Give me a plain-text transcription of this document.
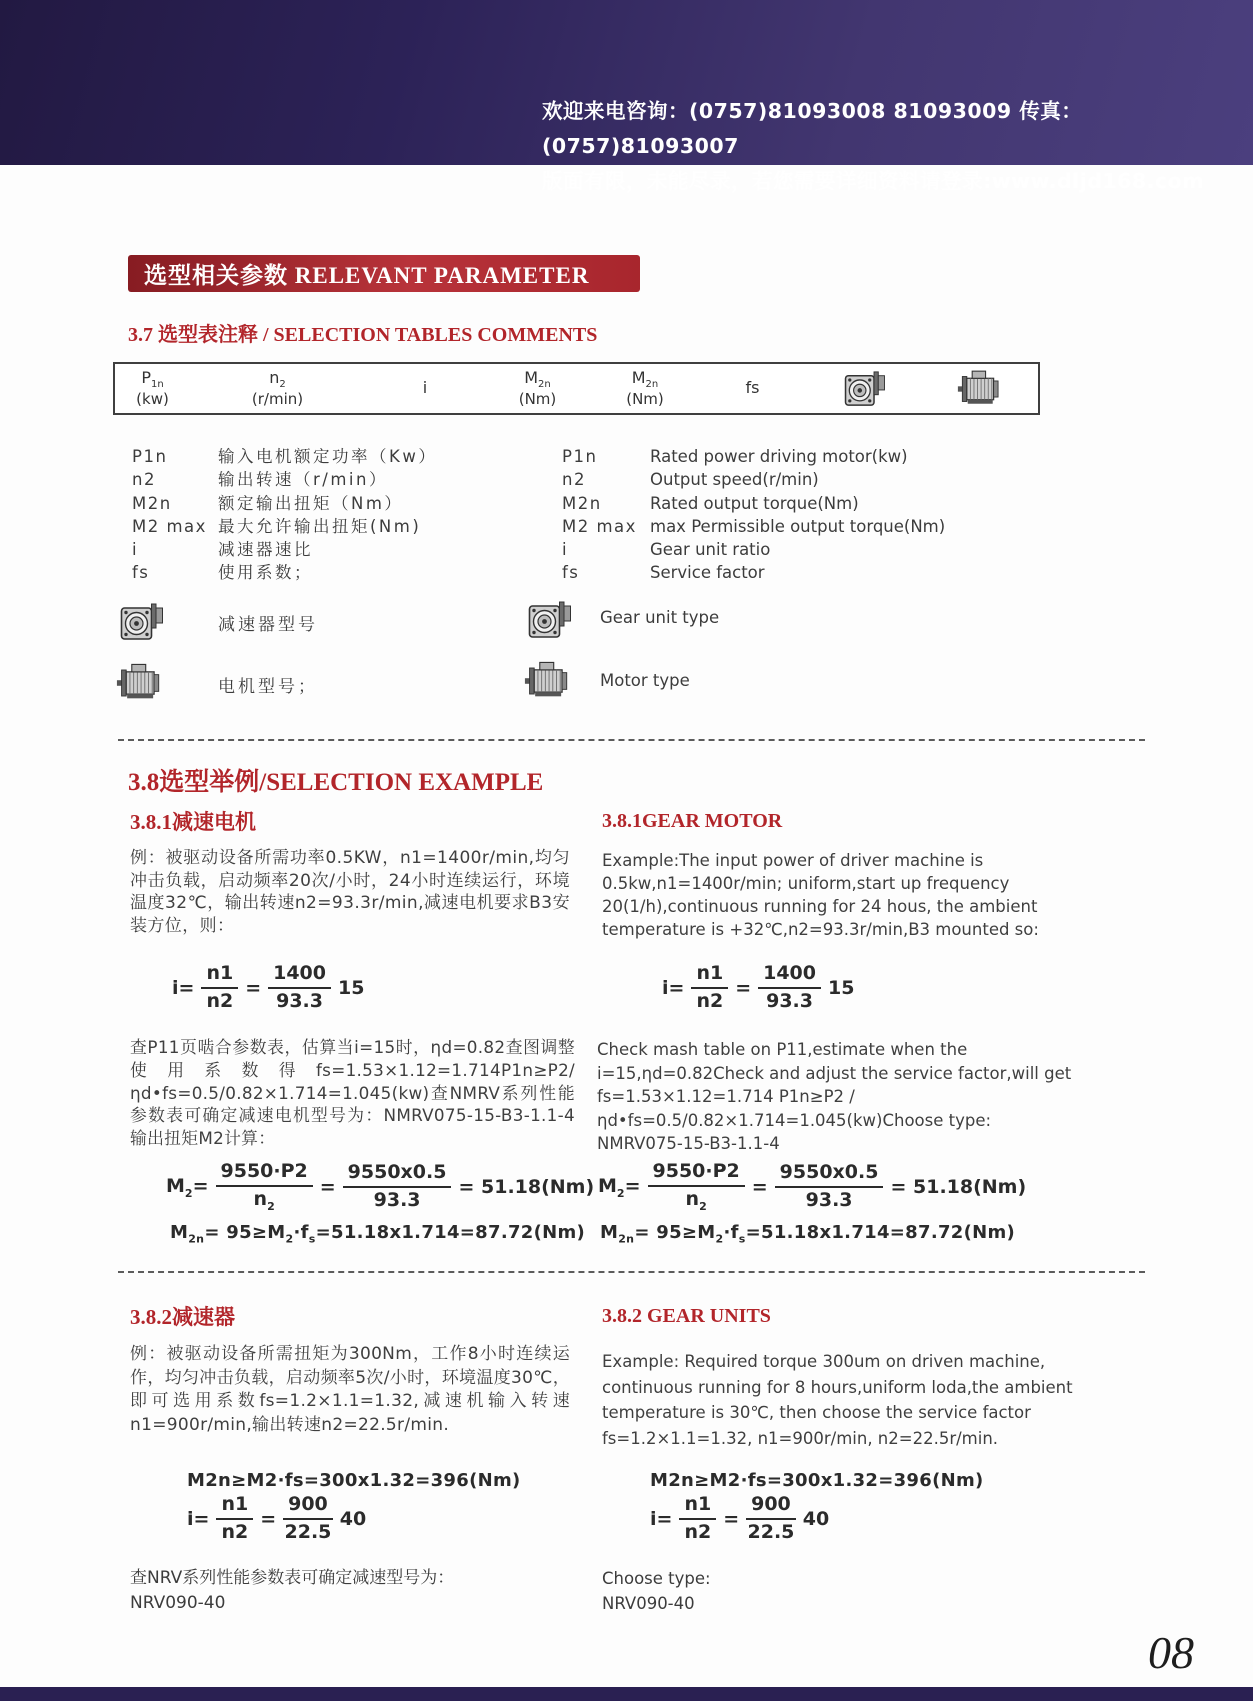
欢迎来电咨询：(0757)81093008 81093009 传真：(0757)81093007
版面有限，未能尽录，若您需要详细资料请登录:www.dljd168.com
选型相关参数 RELEVANT PARAMETER
3.7 选型表注释 / SELECTION TABLES COMMENTS
$P_{1n}$
(kw)
$n_2$
(r/min)
i
$M_{2n}$
(Nm)
$M_{2n}$
(Nm)
fs
P1n	输入电机额定功率（Kw）
n2	输出转速（r/min）
M2n	额定输出扭矩（Nm）
M2 max 最大允许输出扭矩(Nm)
i	减速器速比
fs	使用系数；
P1n	Rated power driving motor(kw)
n2	Output speed(r/min)
M2n	Rated output torque(Nm)
M2 max max Permissible output torque(Nm)
i	Gear unit ratio
fs	Service factor
减速器型号	Gear unit type
电机型号；	Motor type
3.8选型举例/SELECTION EXAMPLE
3.8.1减速电机	3.8.1GEAR MOTOR
例：被驱动设备所需功率0.5KW，n1=1400r/min,均匀冲击负载，启动频率20次/小时，24小时连续运行，环境温度32℃，输出转速n2=93.3r/min,减速电机要求B3安装方位，则：
Example:The input power of driver machine is 0.5kw,n1=1400r/min; uniform,start up frequency 20(1/h),continuous running for 24 hous, the ambient temperature is +32℃,n2=93.3r/min,B3 mounted so:
$i= \frac{n1}{n2} = \frac{1400}{93.3} 15$	$i= \frac{n1}{n2} = \frac{1400}{93.3} 15$
查P11页啮合参数表，估算当i=15时，ηd=0.82查图调整使用系数得fs=1.53×1.12=1.714P1n≥P2/ηd•fs=0.5/0.82×1.714=1.045(kw)查NMRV系列性能参数表可确定减速电机型号为：NMRV075-15-B3-1.1-4输出扭矩M2计算：
Check mash table on P11,estimate when the i=15,ηd=0.82Check and adjust the service factor,will get fs=1.53×1.12=1.714 P1n≥P2 /ηd•fs=0.5/0.82×1.714=1.045(kw)Choose type:
NMRV075-15-B3-1.1-4
$M_2= \frac{9550\cdot P2}{n_2} = \frac{9550x0.5}{93.3} = 51.18(Nm)$ $M_2= \frac{9550\cdot P2}{n_2} = \frac{9550x0.5}{93.3} = 51.18(Nm)$
$M_{2n}= 95\ge M_2\cdot f_s=51.18x1.714=87.72(Nm)$ $M_{2n}= 95\ge M_2\cdot f_s=51.18x1.714=87.72(Nm)$
3.8.2减速器	3.8.2 GEAR UNITS
例：被驱动设备所需扭矩为300Nm，工作8小时连续运作，均匀冲击负载，启动频率5次/小时，环境温度30℃，即可选用系数fs=1.2×1.1=1.32,减速机输入转速n1=900r/min,输出转速n2=22.5r/min.
Example: Required torque 300um on driven machine, continuous running for 8 hours,uniform loda,the ambient temperature is 30℃, then choose the service factor fs=1.2×1.1=1.32, n1=900r/min, n2=22.5r/min.
M2n≥M2·fs=300x1.32=396(Nm)	M2n≥M2·fs=300x1.32=396(Nm)
$i= \frac{n1}{n2} = \frac{900}{22.5} 40$	$i= \frac{n1}{n2} = \frac{900}{22.5} 40$
查NRV系列性能参数表可确定减速型号为：
NRV090-40
Choose type:
NRV090-40
08
